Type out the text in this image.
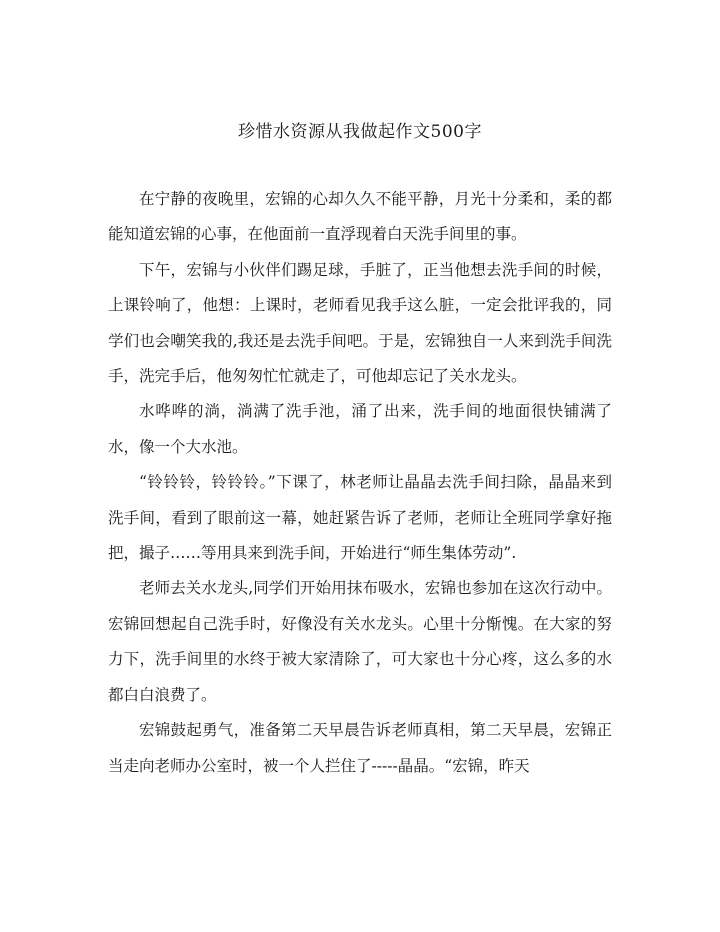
珍惜水资源从我做起作文500字

在宁静的夜晚里，宏锦的心却久久不能平静，月光十分柔和，柔的都能知道宏锦的心事，在他面前一直浮现着白天洗手间里的事。

下午，宏锦与小伙伴们踢足球，手脏了，正当他想去洗手间的时候，上课铃响了，他想：上课时，老师看见我手这么脏，一定会批评我的，同学们也会嘲笑我的,我还是去洗手间吧。于是，宏锦独自一人来到洗手间洗手，洗完手后，他匆匆忙忙就走了，可他却忘记了关水龙头。

水哗哗的淌，淌满了洗手池，涌了出来，洗手间的地面很快铺满了水，像一个大水池。

“铃铃铃，铃铃铃。”下课了，林老师让晶晶去洗手间扫除，晶晶来到洗手间，看到了眼前这一幕，她赶紧告诉了老师，老师让全班同学拿好拖把，撮子……等用具来到洗手间，开始进行“师生集体劳动”.

老师去关水龙头,同学们开始用抹布吸水，宏锦也参加在这次行动中。宏锦回想起自己洗手时，好像没有关水龙头。心里十分惭愧。在大家的努力下，洗手间里的水终于被大家清除了，可大家也十分心疼，这么多的水都白白浪费了。

宏锦鼓起勇气，准备第二天早晨告诉老师真相，第二天早晨，宏锦正当走向老师办公室时，被一个人拦住了-----晶晶。“宏锦，昨天
